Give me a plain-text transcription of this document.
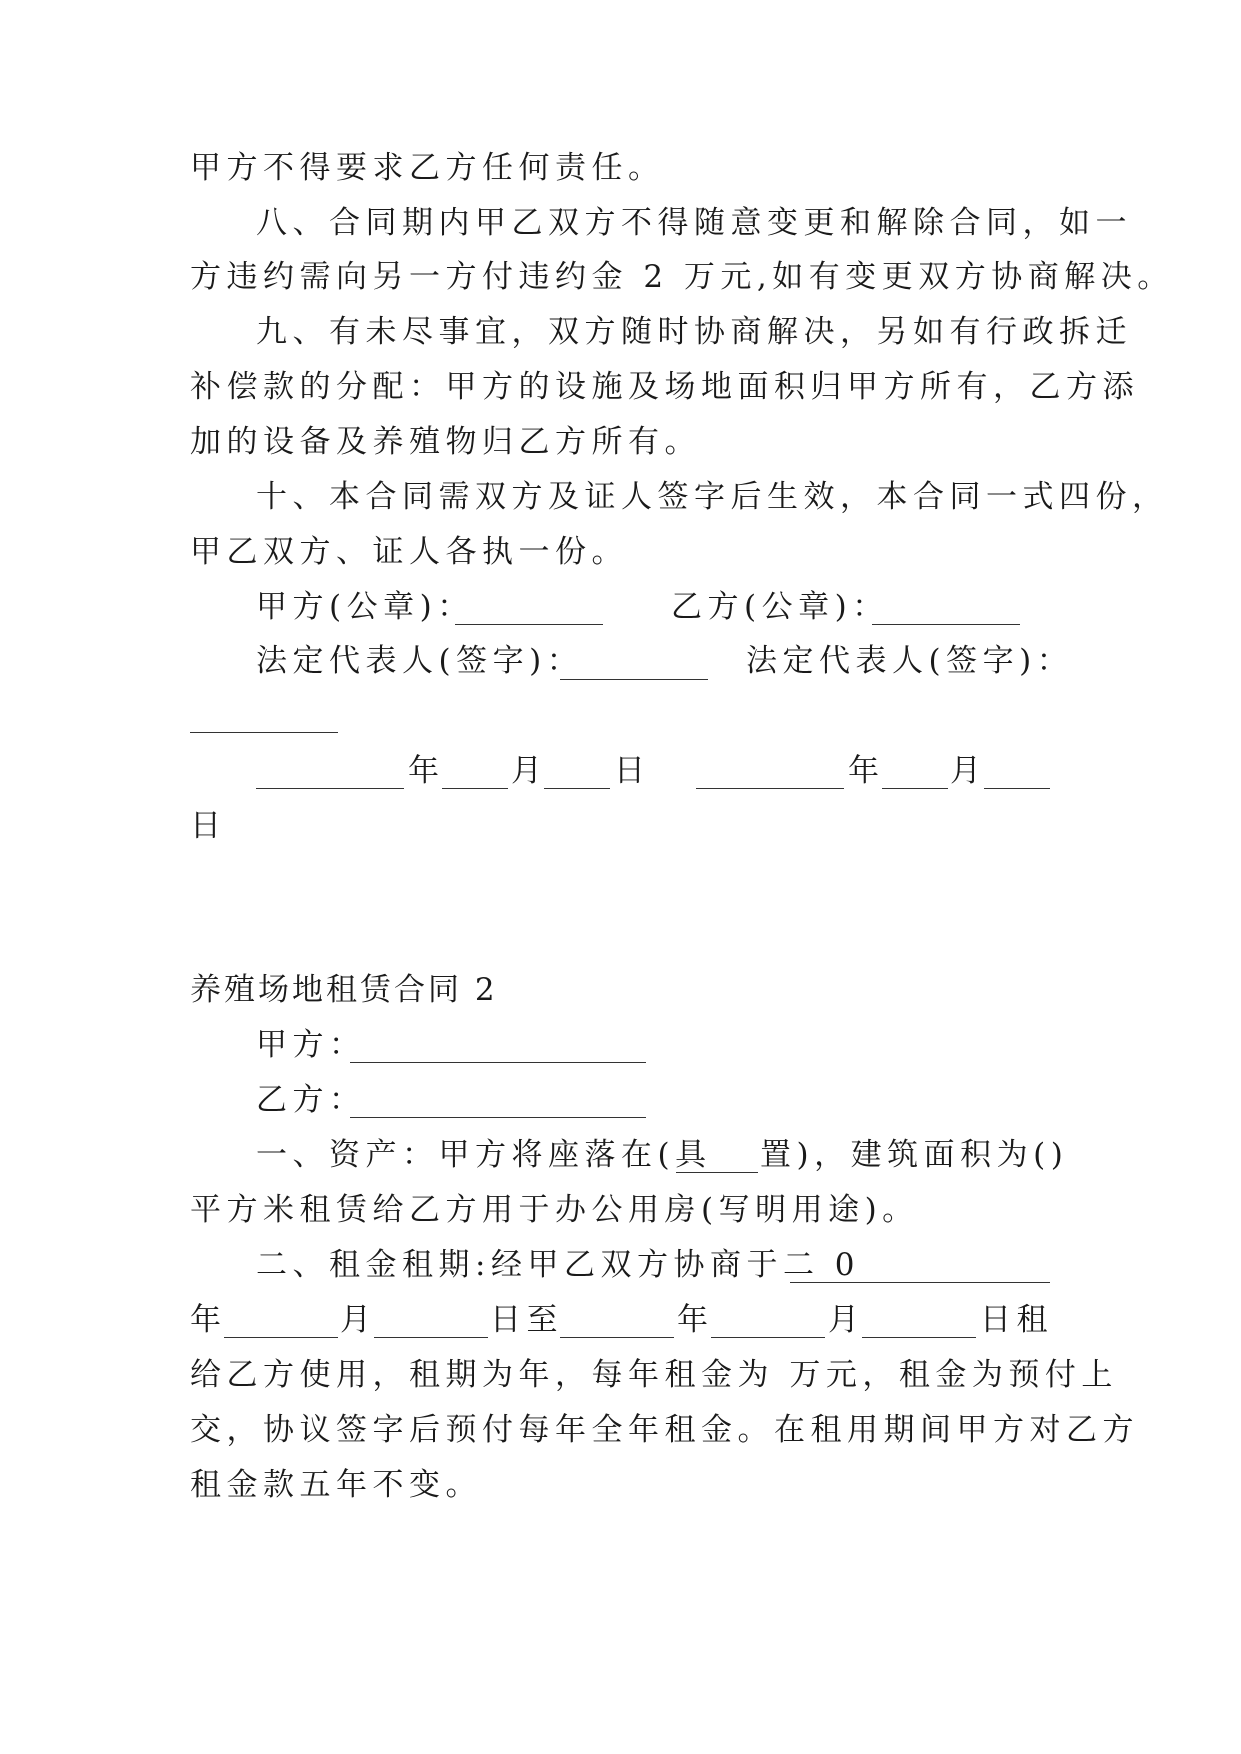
甲方不得要求乙方任何责任。
八、合同期内甲乙双方不得随意变更和解除合同，如一
方违约需向另一方付违约金 2 万元,如有变更双方协商解决。
九、有未尽事宜，双方随时协商解决，另如有行政拆迁
补偿款的分配：甲方的设施及场地面积归甲方所有，乙方添
加的设备及养殖物归乙方所有。
十、本合同需双方及证人签字后生效，本合同一式四份，
甲乙双方、证人各执一份。
甲方(公章)：	乙方(公章)：
法定代表人(签字)：	法定代表人(签字)：
年 月 日	年 月
日
养殖场地租赁合同 2
甲方：
乙方：
一、资产：甲方将座落在(具 置)，建筑面积为()
平方米租赁给乙方用于办公用房(写明用途)。
二、租金租期:经甲乙双方协商于二 0
年	月	日至	年	月	日租
给乙方使用，租期为年，每年租金为 万元，租金为预付上
交，协议签字后预付每年全年租金。在租用期间甲方对乙方
租金款五年不变。
